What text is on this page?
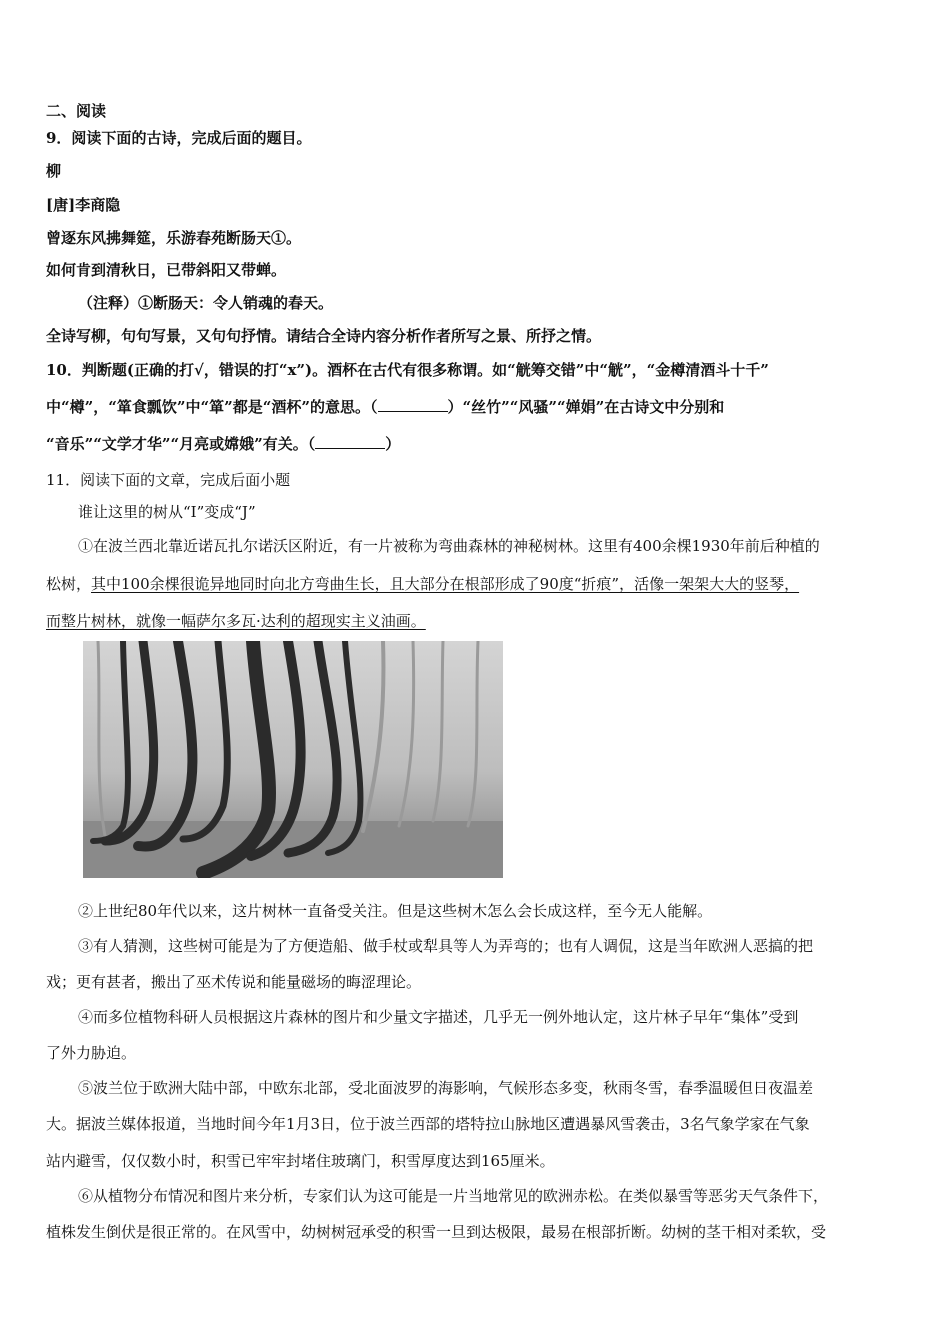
二、阅读
9．阅读下面的古诗，完成后面的题目。
柳
[唐]李商隐
曾逐东风拂舞筵，乐游春苑断肠天①。
如何肯到清秋日，已带斜阳又带蝉。
（注释）①断肠天：令人销魂的春天。
全诗写柳，句句写景，又句句抒情。请结合全诗内容分析作者所写之景、所抒之情。
10．判断题(正确的打√，错误的打“x”)。酒杯在古代有很多称谓。如“觥筹交错”中“觥”，“金樽清酒斗十千”
中“樽”，“箪食瓢饮”中“箪”都是“酒杯”的意思。（	）“丝竹”“风骚”“婵娟”在古诗文中分别和
“音乐”“文学才华”“月亮或嫦娥”有关。（	）
11．阅读下面的文章，完成后面小题
谁让这里的树从“I”变成“J”
①在波兰西北靠近诺瓦扎尔诺沃区附近，有一片被称为弯曲森林的神秘树林。这里有400余棵1930年前后种植的
松树，其中100余棵很诡异地同时向北方弯曲生长，且大部分在根部形成了90度“折痕”，活像一架架大大的竖琴，
而整片树林，就像一幅萨尔多瓦·达利的超现实主义油画。
②上世纪80年代以来，这片树林一直备受关注。但是这些树木怎么会长成这样，至今无人能解。
③有人猜测，这些树可能是为了方便造船、做手杖或犁具等人为弄弯的；也有人调侃，这是当年欧洲人恶搞的把
戏；更有甚者，搬出了巫术传说和能量磁场的晦涩理论。
④而多位植物科研人员根据这片森林的图片和少量文字描述，几乎无一例外地认定，这片林子早年“集体”受到
了外力胁迫。
⑤波兰位于欧洲大陆中部，中欧东北部，受北面波罗的海影响，气候形态多变，秋雨冬雪，春季温暖但日夜温差
大。据波兰媒体报道，当地时间今年1月3日，位于波兰西部的塔特拉山脉地区遭遇暴风雪袭击，3名气象学家在气象
站内避雪，仅仅数小时，积雪已牢牢封堵住玻璃门，积雪厚度达到165厘米。
⑥从植物分布情况和图片来分析，专家们认为这可能是一片当地常见的欧洲赤松。在类似暴雪等恶劣天气条件下，
植株发生倒伏是很正常的。在风雪中，幼树树冠承受的积雪一旦到达极限，最易在根部折断。幼树的茎干相对柔软，受
